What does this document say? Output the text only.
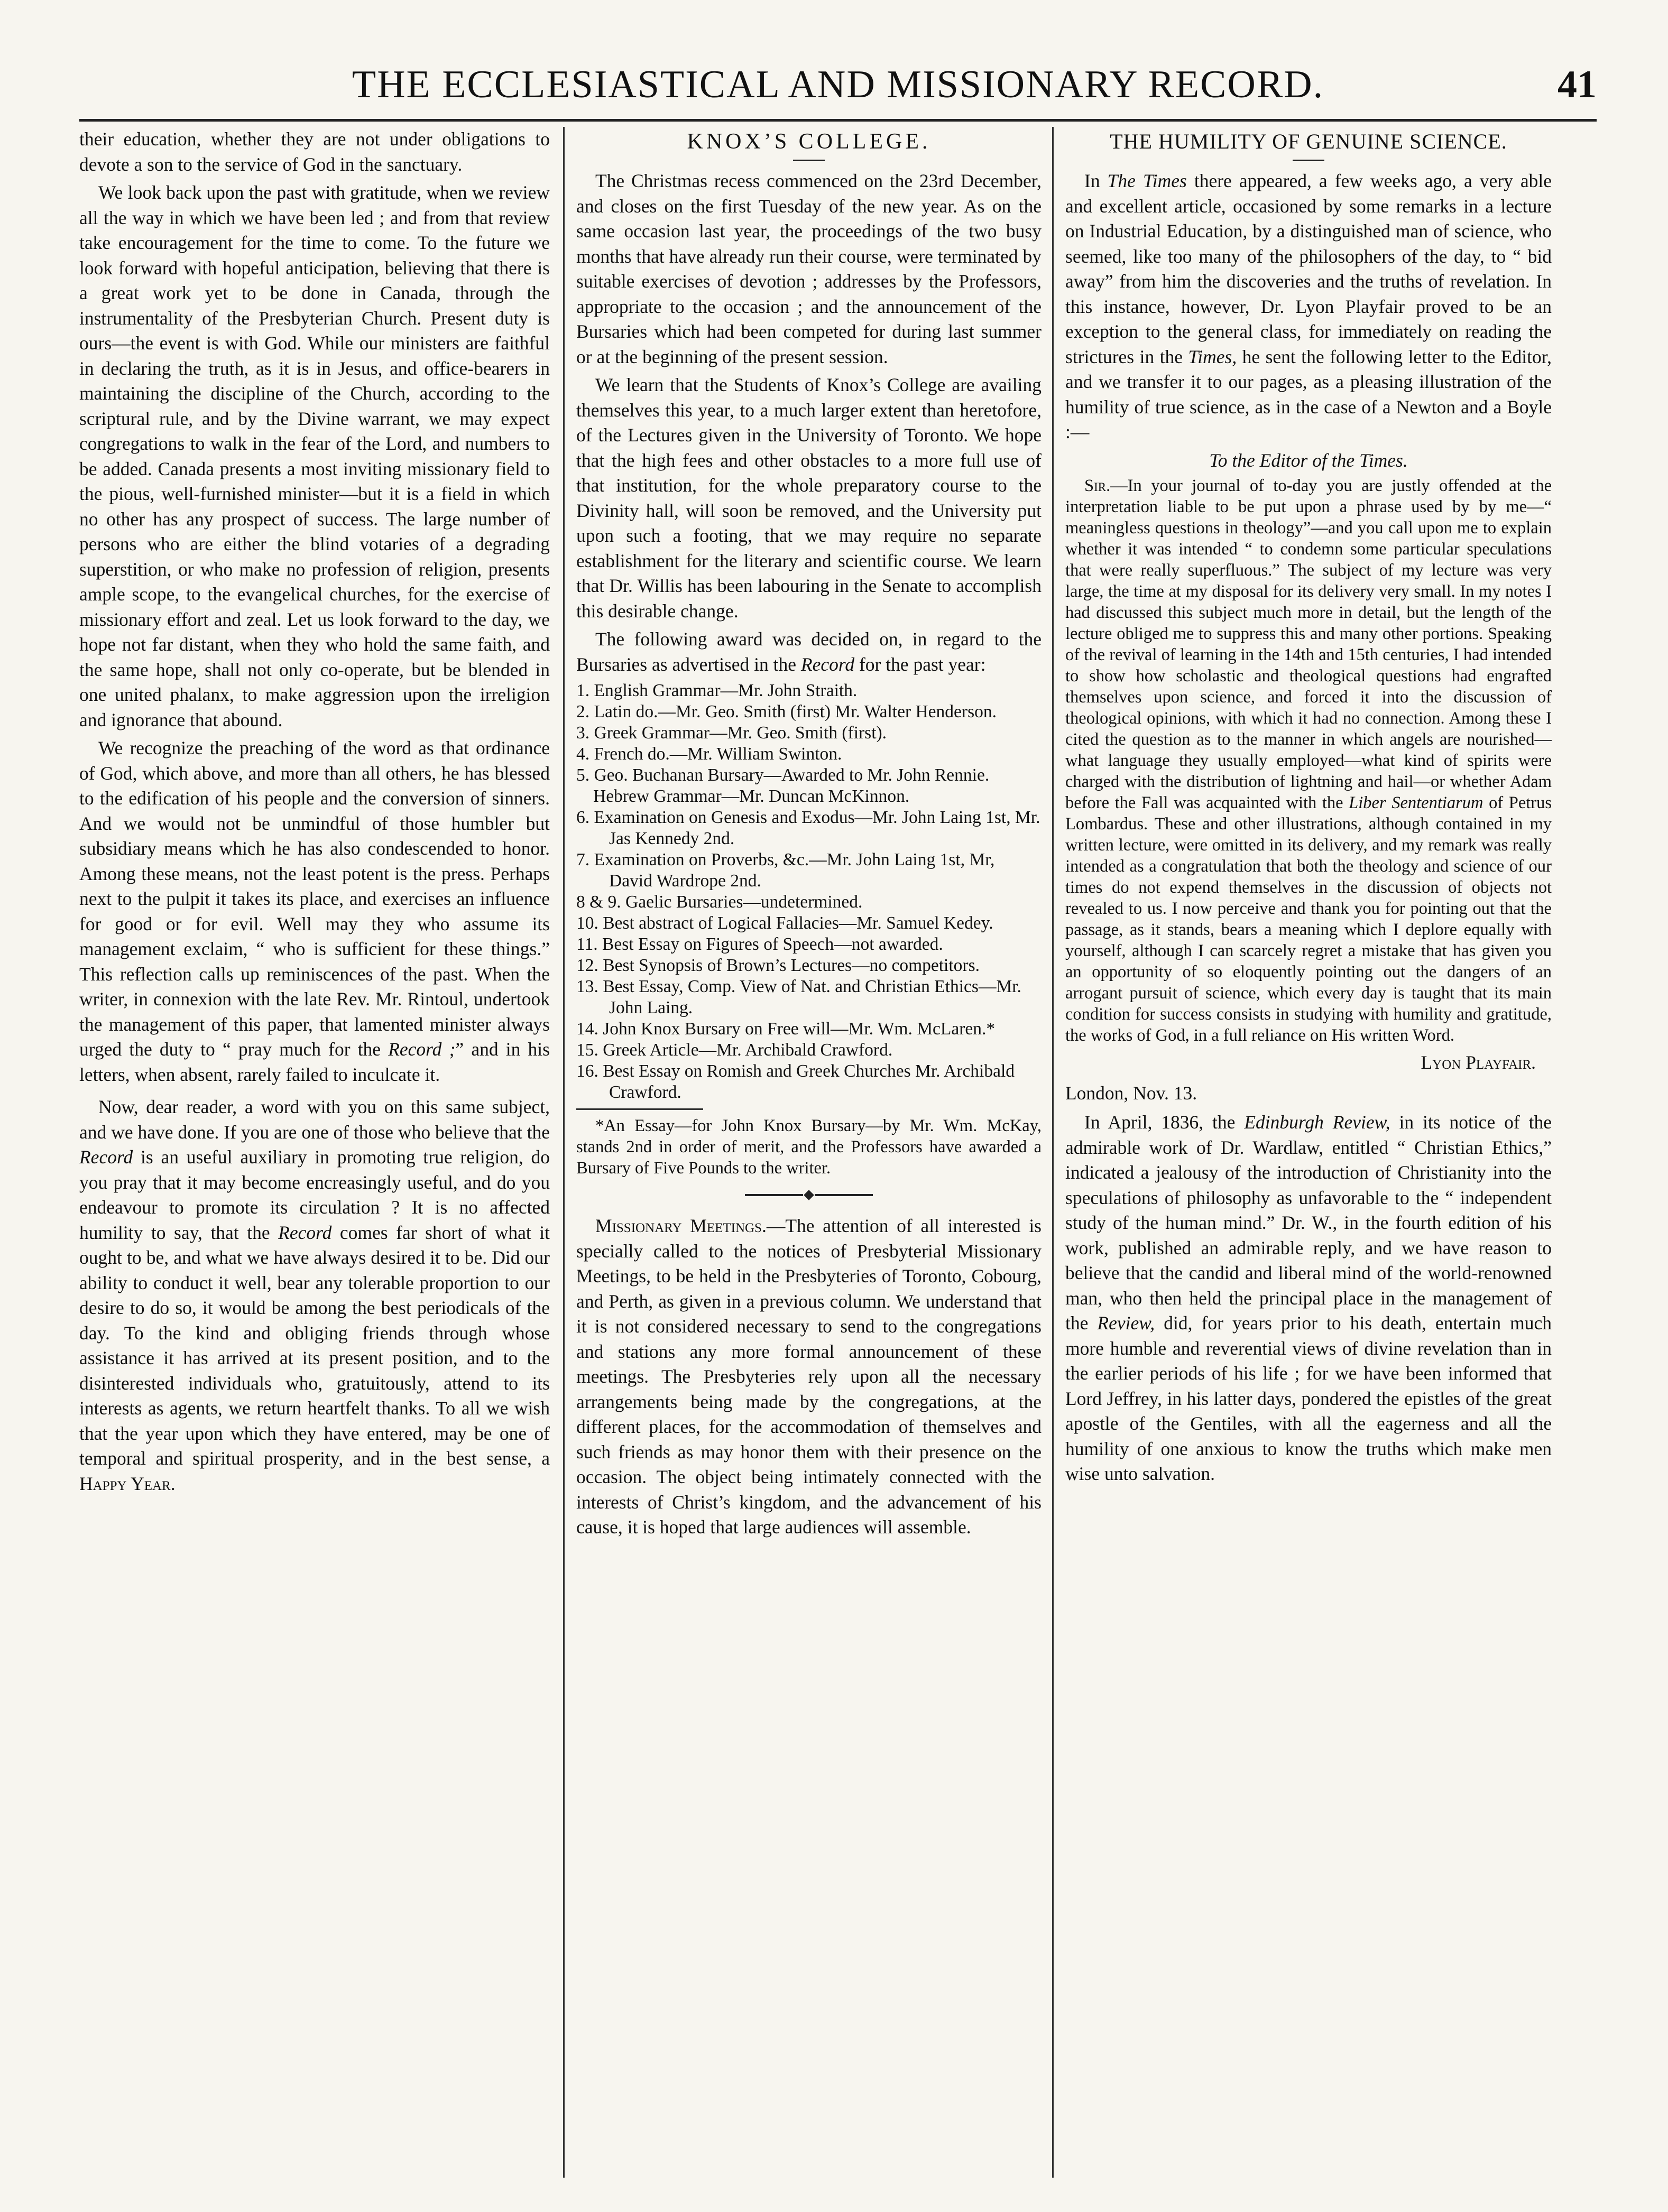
THE ECCLESIASTICAL AND MISSIONARY RECORD.	41

their education, whether they are not under obligations to devote a son to the service of God in the sanctuary.

We look back upon the past with gratitude, when we review all the way in which we have been led ; and from that review take encouragement for the time to come. To the future we look forward with hopeful anticipation, believing that there is a great work yet to be done in Canada, through the instrumentality of the Presbyterian Church. Present duty is ours—the event is with God. While our ministers are faithful in declaring the truth, as it is in Jesus, and office-bearers in maintaining the discipline of the Church, according to the scriptural rule, and by the Divine warrant, we may expect congregations to walk in the fear of the Lord, and numbers to be added. Canada presents a most inviting missionary field to the pious, well-furnished minister—but it is a field in which no other has any prospect of success. The large number of persons who are either the blind votaries of a degrading superstition, or who make no profession of religion, presents ample scope, to the evangelical churches, for the exercise of missionary effort and zeal. Let us look forward to the day, we hope not far distant, when they who hold the same faith, and the same hope, shall not only co-operate, but be blended in one united phalanx, to make aggression upon the irreligion and ignorance that abound.

We recognize the preaching of the word as that ordinance of God, which above, and more than all others, he has blessed to the edification of his people and the conversion of sinners. And we would not be unmindful of those humbler but subsidiary means which he has also condescended to honor. Among these means, not the least potent is the press. Perhaps next to the pulpit it takes its place, and exercises an influence for good or for evil. Well may they who assume its management exclaim, “ who is sufficient for these things.” This reflection calls up reminiscences of the past. When the writer, in connexion with the late Rev. Mr. Rintoul, undertook the management of this paper, that lamented minister always urged the duty to “ pray much for the Record ;” and in his letters, when absent, rarely failed to inculcate it.

Now, dear reader, a word with you on this same subject, and we have done. If you are one of those who believe that the Record is an useful auxiliary in promoting true religion, do you pray that it may become encreasingly useful, and do you endeavour to promote its circulation ? It is no affected humility to say, that the Record comes far short of what it ought to be, and what we have always desired it to be. Did our ability to conduct it well, bear any tolerable proportion to our desire to do so, it would be among the best periodicals of the day. To the kind and obliging friends through whose assistance it has arrived at its present position, and to the disinterested individuals who, gratuitously, attend to its interests as agents, we return heartfelt thanks. To all we wish that the year upon which they have entered, may be one of temporal and spiritual prosperity, and in the best sense, a Happy Year.

KNOX’S COLLEGE.

The Christmas recess commenced on the 23rd December, and closes on the first Tuesday of the new year. As on the same occasion last year, the proceedings of the two busy months that have already run their course, were terminated by suitable exercises of devotion ; addresses by the Professors, appropriate to the occasion ; and the announcement of the Bursaries which had been competed for during last summer or at the beginning of the present session.

We learn that the Students of Knox’s College are availing themselves this year, to a much larger extent than heretofore, of the Lectures given in the University of Toronto. We hope that the high fees and other obstacles to a more full use of that institution, for the whole preparatory course to the Divinity hall, will soon be removed, and the University put upon such a footing, that we may require no separate establishment for the literary and scientific course. We learn that Dr. Willis has been labouring in the Senate to accomplish this desirable change.

The following award was decided on, in regard to the Bursaries as advertised in the Record for the past year:

1. English Grammar—Mr. John Straith.
2. Latin do.—Mr. Geo. Smith (first) Mr. Walter Henderson.
3. Greek Grammar—Mr. Geo. Smith (first).
4. French do.—Mr. William Swinton.
5. Geo. Buchanan Bursary—Awarded to Mr. John Rennie.
Hebrew Grammar—Mr. Duncan McKinnon.
6. Examination on Genesis and Exodus—Mr. John Laing 1st, Mr. Jas Kennedy 2nd.
7. Examination on Proverbs, &c.—Mr. John Laing 1st, Mr, David Wardrope 2nd.
8 & 9. Gaelic Bursaries—undetermined.
10. Best abstract of Logical Fallacies—Mr. Samuel Kedey.
11. Best Essay on Figures of Speech—not awarded.
12. Best Synopsis of Brown’s Lectures—no competitors.
13. Best Essay, Comp. View of Nat. and Christian Ethics—Mr. John Laing.
14. John Knox Bursary on Free will—Mr. Wm. McLaren.*
15. Greek Article—Mr. Archibald Crawford.
16. Best Essay on Romish and Greek Churches Mr. Archibald Crawford.

*An Essay—for John Knox Bursary—by Mr. Wm. McKay, stands 2nd in order of merit, and the Professors have awarded a Bursary of Five Pounds to the writer.

Missionary Meetings.—The attention of all interested is specially called to the notices of Presbyterial Missionary Meetings, to be held in the Presbyteries of Toronto, Cobourg, and Perth, as given in a previous column. We understand that it is not considered necessary to send to the congregations and stations any more formal announcement of these meetings. The Presbyteries rely upon all the necessary arrangements being made by the congregations, at the different places, for the accommodation of themselves and such friends as may honor them with their presence on the occasion. The object being intimately connected with the interests of Christ’s kingdom, and the advancement of his cause, it is hoped that large audiences will assemble.

THE HUMILITY OF GENUINE SCIENCE.

In The Times there appeared, a few weeks ago, a very able and excellent article, occasioned by some remarks in a lecture on Industrial Education, by a distinguished man of science, who seemed, like too many of the philosophers of the day, to “ bid away” from him the discoveries and the truths of revelation. In this instance, however, Dr. Lyon Playfair proved to be an exception to the general class, for immediately on reading the strictures in the Times, he sent the following letter to the Editor, and we transfer it to our pages, as a pleasing illustration of the humility of true science, as in the case of a Newton and a Boyle :—

To the Editor of the Times.

Sir.—In your journal of to-day you are justly offended at the interpretation liable to be put upon a phrase used by by me—“ meaningless questions in theology”—and you call upon me to explain whether it was intended “ to condemn some particular speculations that were really superfluous.” The subject of my lecture was very large, the time at my disposal for its delivery very small. In my notes I had discussed this subject much more in detail, but the length of the lecture obliged me to suppress this and many other portions. Speaking of the revival of learning in the 14th and 15th centuries, I had intended to show how scholastic and theological questions had engrafted themselves upon science, and forced it into the discussion of theological opinions, with which it had no connection. Among these I cited the question as to the manner in which angels are nourished—what language they usually employed—what kind of spirits were charged with the distribution of lightning and hail—or whether Adam before the Fall was acquainted with the Liber Sententiarum of Petrus Lombardus. These and other illustrations, although contained in my written lecture, were omitted in its delivery, and my remark was really intended as a congratulation that both the theology and science of our times do not expend themselves in the discussion of objects not revealed to us. I now perceive and thank you for pointing out that the passage, as it stands, bears a meaning which I deplore equally with yourself, although I can scarcely regret a mistake that has given you an opportunity of so eloquently pointing out the dangers of an arrogant pursuit of science, which every day is taught that its main condition for success consists in studying with humility and gratitude, the works of God, in a full reliance on His written Word.

Lyon Playfair.

London, Nov. 13.

In April, 1836, the Edinburgh Review, in its notice of the admirable work of Dr. Wardlaw, entitled “ Christian Ethics,” indicated a jealousy of the introduction of Christianity into the speculations of philosophy as unfavorable to the “ independent study of the human mind.” Dr. W., in the fourth edition of his work, published an admirable reply, and we have reason to believe that the candid and liberal mind of the world-renowned man, who then held the principal place in the management of the Review, did, for years prior to his death, entertain much more humble and reverential views of divine revelation than in the earlier periods of his life ; for we have been informed that Lord Jeffrey, in his latter days, pondered the epistles of the great apostle of the Gentiles, with all the eagerness and all the humility of one anxious to know the truths which make men wise unto salvation.
